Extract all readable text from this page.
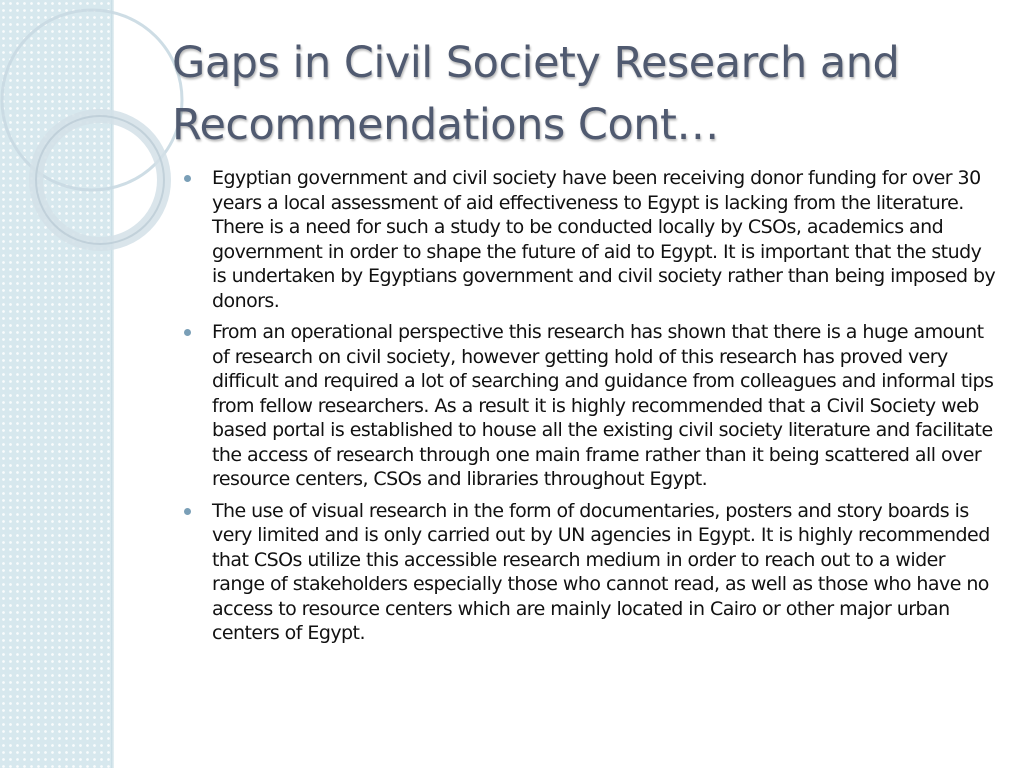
Gaps in Civil Society Research and Recommendations Cont…
Egyptian government and civil society have been receiving donor funding for over 30 years a local assessment of aid effectiveness to Egypt is lacking from the literature. There is a need for such a study to be conducted locally by CSOs, academics and government in order to shape the future of aid to Egypt. It is important that the study is undertaken by Egyptians government and civil society rather than being imposed by donors.
From an operational perspective this research has shown that there is a huge amount of research on civil society, however getting hold of this research has proved very difficult and required a lot of searching and guidance from colleagues and informal tips from fellow researchers. As a result it is highly recommended that a Civil Society web based portal is established to house all the existing civil society literature and facilitate the access of research through one main frame rather than it being scattered all over resource centers, CSOs and libraries throughout Egypt.
The use of visual research in the form of documentaries, posters and story boards is very limited and is only carried out by UN agencies in Egypt. It is highly recommended that CSOs utilize this accessible research medium in order to reach out to a wider range of stakeholders especially those who cannot read, as well as those who have no access to resource centers which are mainly located in Cairo or other major urban centers of Egypt.
